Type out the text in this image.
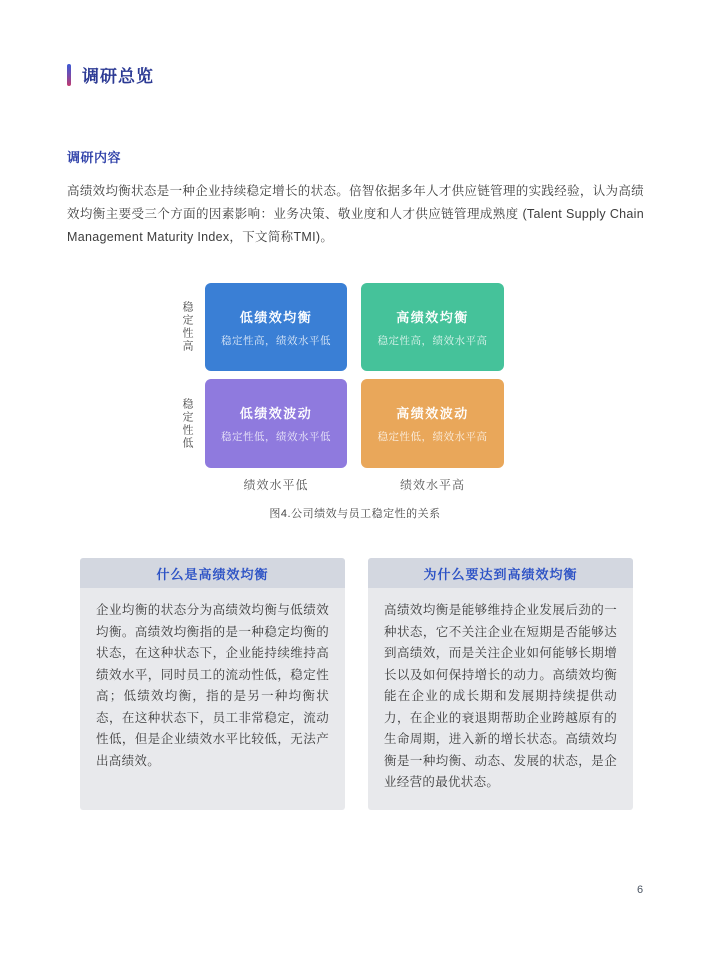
调研总览
调研内容
高绩效均衡状态是一种企业持续稳定增长的状态。倍智依据多年人才供应链管理的实践经验，认为高绩效均衡主要受三个方面的因素影响：业务决策、敬业度和人才供应链管理成熟度 (Talent Supply Chain Management Maturity Index，下文简称TMI)。
稳定性高
稳定性低
低绩效均衡
稳定性高，绩效水平低
高绩效均衡
稳定性高，绩效水平高
低绩效波动
稳定性低，绩效水平低
高绩效波动
稳定性低，绩效水平高
绩效水平低	绩效水平高
图4.公司绩效与员工稳定性的关系
什么是高绩效均衡
企业均衡的状态分为高绩效均衡与低绩效均衡。高绩效均衡指的是一种稳定均衡的状态，在这种状态下，企业能持续维持高绩效水平，同时员工的流动性低，稳定性高；低绩效均衡，指的是另一种均衡状态，在这种状态下，员工非常稳定，流动性低，但是企业绩效水平比较低，无法产出高绩效。
为什么要达到高绩效均衡
高绩效均衡是能够维持企业发展后劲的一种状态，它不关注企业在短期是否能够达到高绩效，而是关注企业如何能够长期增长以及如何保持增长的动力。高绩效均衡能在企业的成长期和发展期持续提供动力，在企业的衰退期帮助企业跨越原有的生命周期，进入新的增长状态。高绩效均衡是一种均衡、动态、发展的状态，是企业经营的最优状态。
6
